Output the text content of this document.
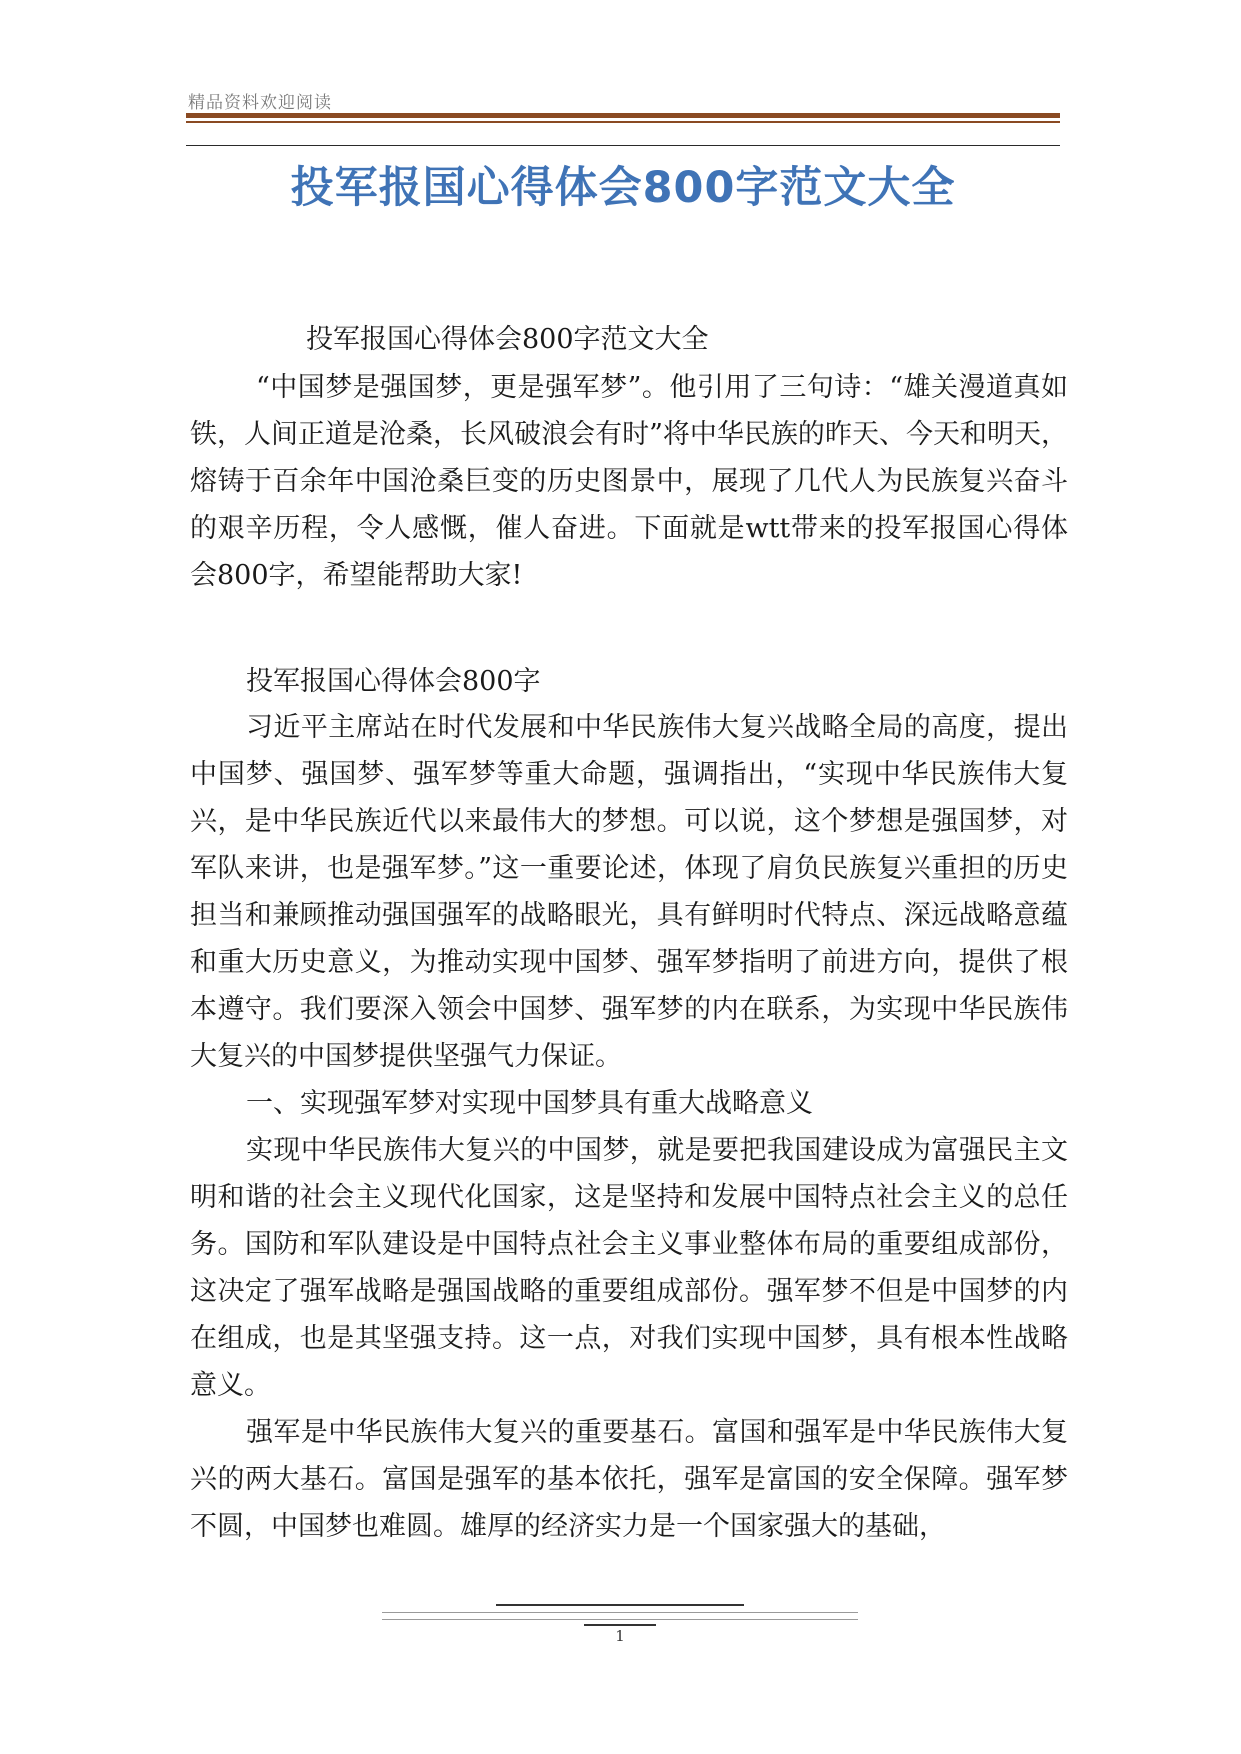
精品资料欢迎阅读
投军报国心得体会800字范文大全
投军报国心得体会800字范文大全
“中国梦是强国梦，更是强军梦”。他引用了三句诗：“雄关漫道真如铁，人间正道是沧桑，长风破浪会有时”将中华民族的昨天、今天和明天，熔铸于百余年中国沧桑巨变的历史图景中，展现了几代人为民族复兴奋斗的艰辛历程，令人感慨，催人奋进。下面就是wtt带来的投军报国心得体会800字，希望能帮助大家!
投军报国心得体会800字

习近平主席站在时代发展和中华民族伟大复兴战略全局的高度，提出中国梦、强国梦、强军梦等重大命题，强调指出，“实现中华民族伟大复兴，是中华民族近代以来最伟大的梦想。可以说，这个梦想是强国梦，对军队来讲，也是强军梦。”这一重要论述，体现了肩负民族复兴重担的历史担当和兼顾推动强国强军的战略眼光，具有鲜明时代特点、深远战略意蕴和重大历史意义，为推动实现中国梦、强军梦指明了前进方向，提供了根本遵守。我们要深入领会中国梦、强军梦的内在联系，为实现中华民族伟大复兴的中国梦提供坚强气力保证。

一、实现强军梦对实现中国梦具有重大战略意义

实现中华民族伟大复兴的中国梦，就是要把我国建设成为富强民主文明和谐的社会主义现代化国家，这是坚持和发展中国特点社会主义的总任务。国防和军队建设是中国特点社会主义事业整体布局的重要组成部份，这决定了强军战略是强国战略的重要组成部份。强军梦不但是中国梦的内在组成，也是其坚强支持。这一点，对我们实现中国梦，具有根本性战略意义。

强军是中华民族伟大复兴的重要基石。富国和强军是中华民族伟大复兴的两大基石。富国是强军的基本依托，强军是富国的安全保障。强军梦不圆，中国梦也难圆。雄厚的经济实力是一个国家强大的基础，

1
